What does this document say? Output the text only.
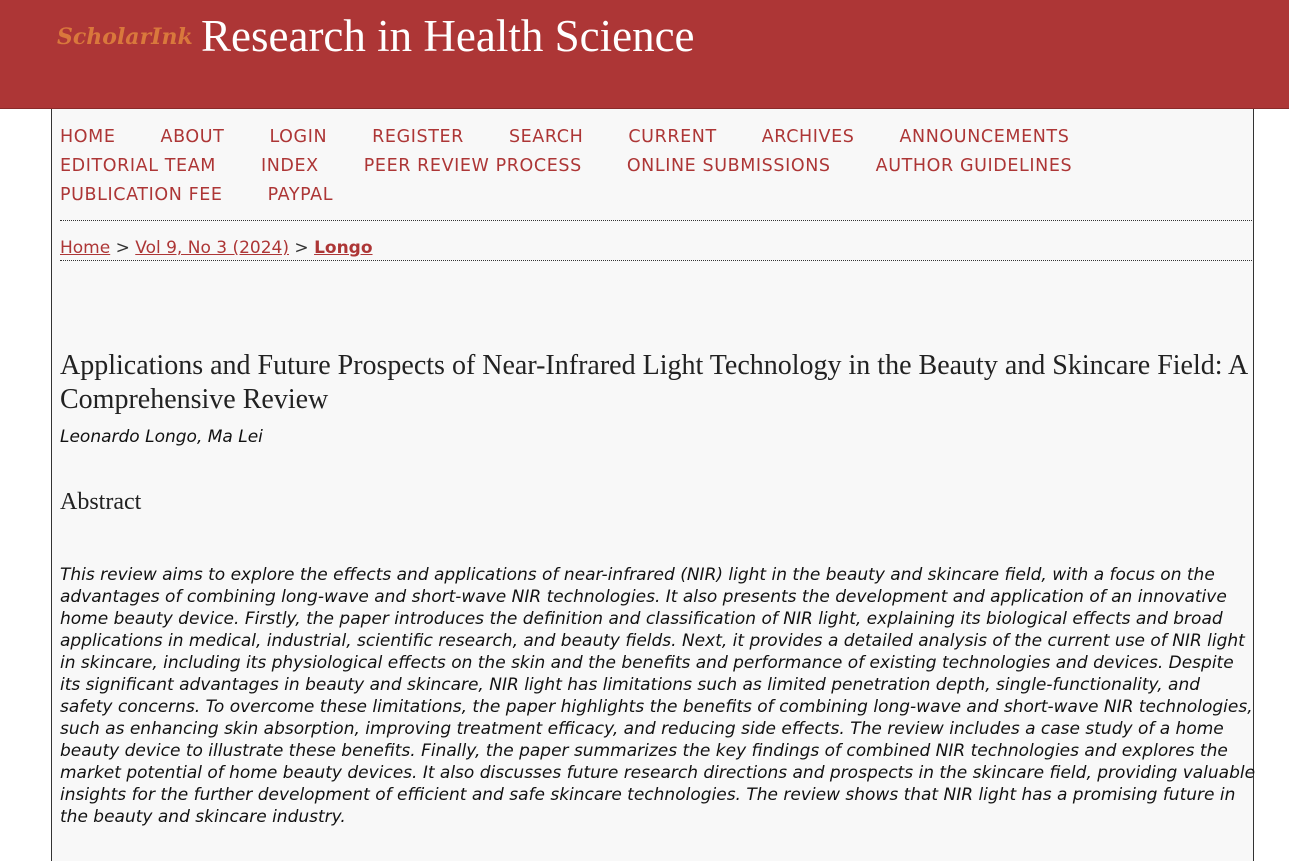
ScholarInk Research in Health Science
HOME	ABOUT	LOGIN	REGISTER	SEARCH	CURRENT	ARCHIVES	ANNOUNCEMENTS
EDITORIAL TEAM	INDEX	PEER REVIEW PROCESS	ONLINE SUBMISSIONS	AUTHOR GUIDELINES
PUBLICATION FEE	PAYPAL
Home > Vol 9, No 3 (2024) > Longo
Applications and Future Prospects of Near-Infrared Light Technology in the Beauty and Skincare Field: A Comprehensive Review
Leonardo Longo, Ma Lei
Abstract
This review aims to explore the effects and applications of near-infrared (NIR) light in the beauty and skincare field, with a focus on the advantages of combining long-wave and short-wave NIR technologies. It also presents the development and application of an innovative home beauty device. Firstly, the paper introduces the definition and classification of NIR light, explaining its biological effects and broad applications in medical, industrial, scientific research, and beauty fields. Next, it provides a detailed analysis of the current use of NIR light in skincare, including its physiological effects on the skin and the benefits and performance of existing technologies and devices. Despite its significant advantages in beauty and skincare, NIR light has limitations such as limited penetration depth, single-functionality, and safety concerns. To overcome these limitations, the paper highlights the benefits of combining long-wave and short-wave NIR technologies, such as enhancing skin absorption, improving treatment efficacy, and reducing side effects. The review includes a case study of a home beauty device to illustrate these benefits. Finally, the paper summarizes the key findings of combined NIR technologies and explores the market potential of home beauty devices. It also discusses future research directions and prospects in the skincare field, providing valuable insights for the further development of efficient and safe skincare technologies. The review shows that NIR light has a promising future in the beauty and skincare industry.
